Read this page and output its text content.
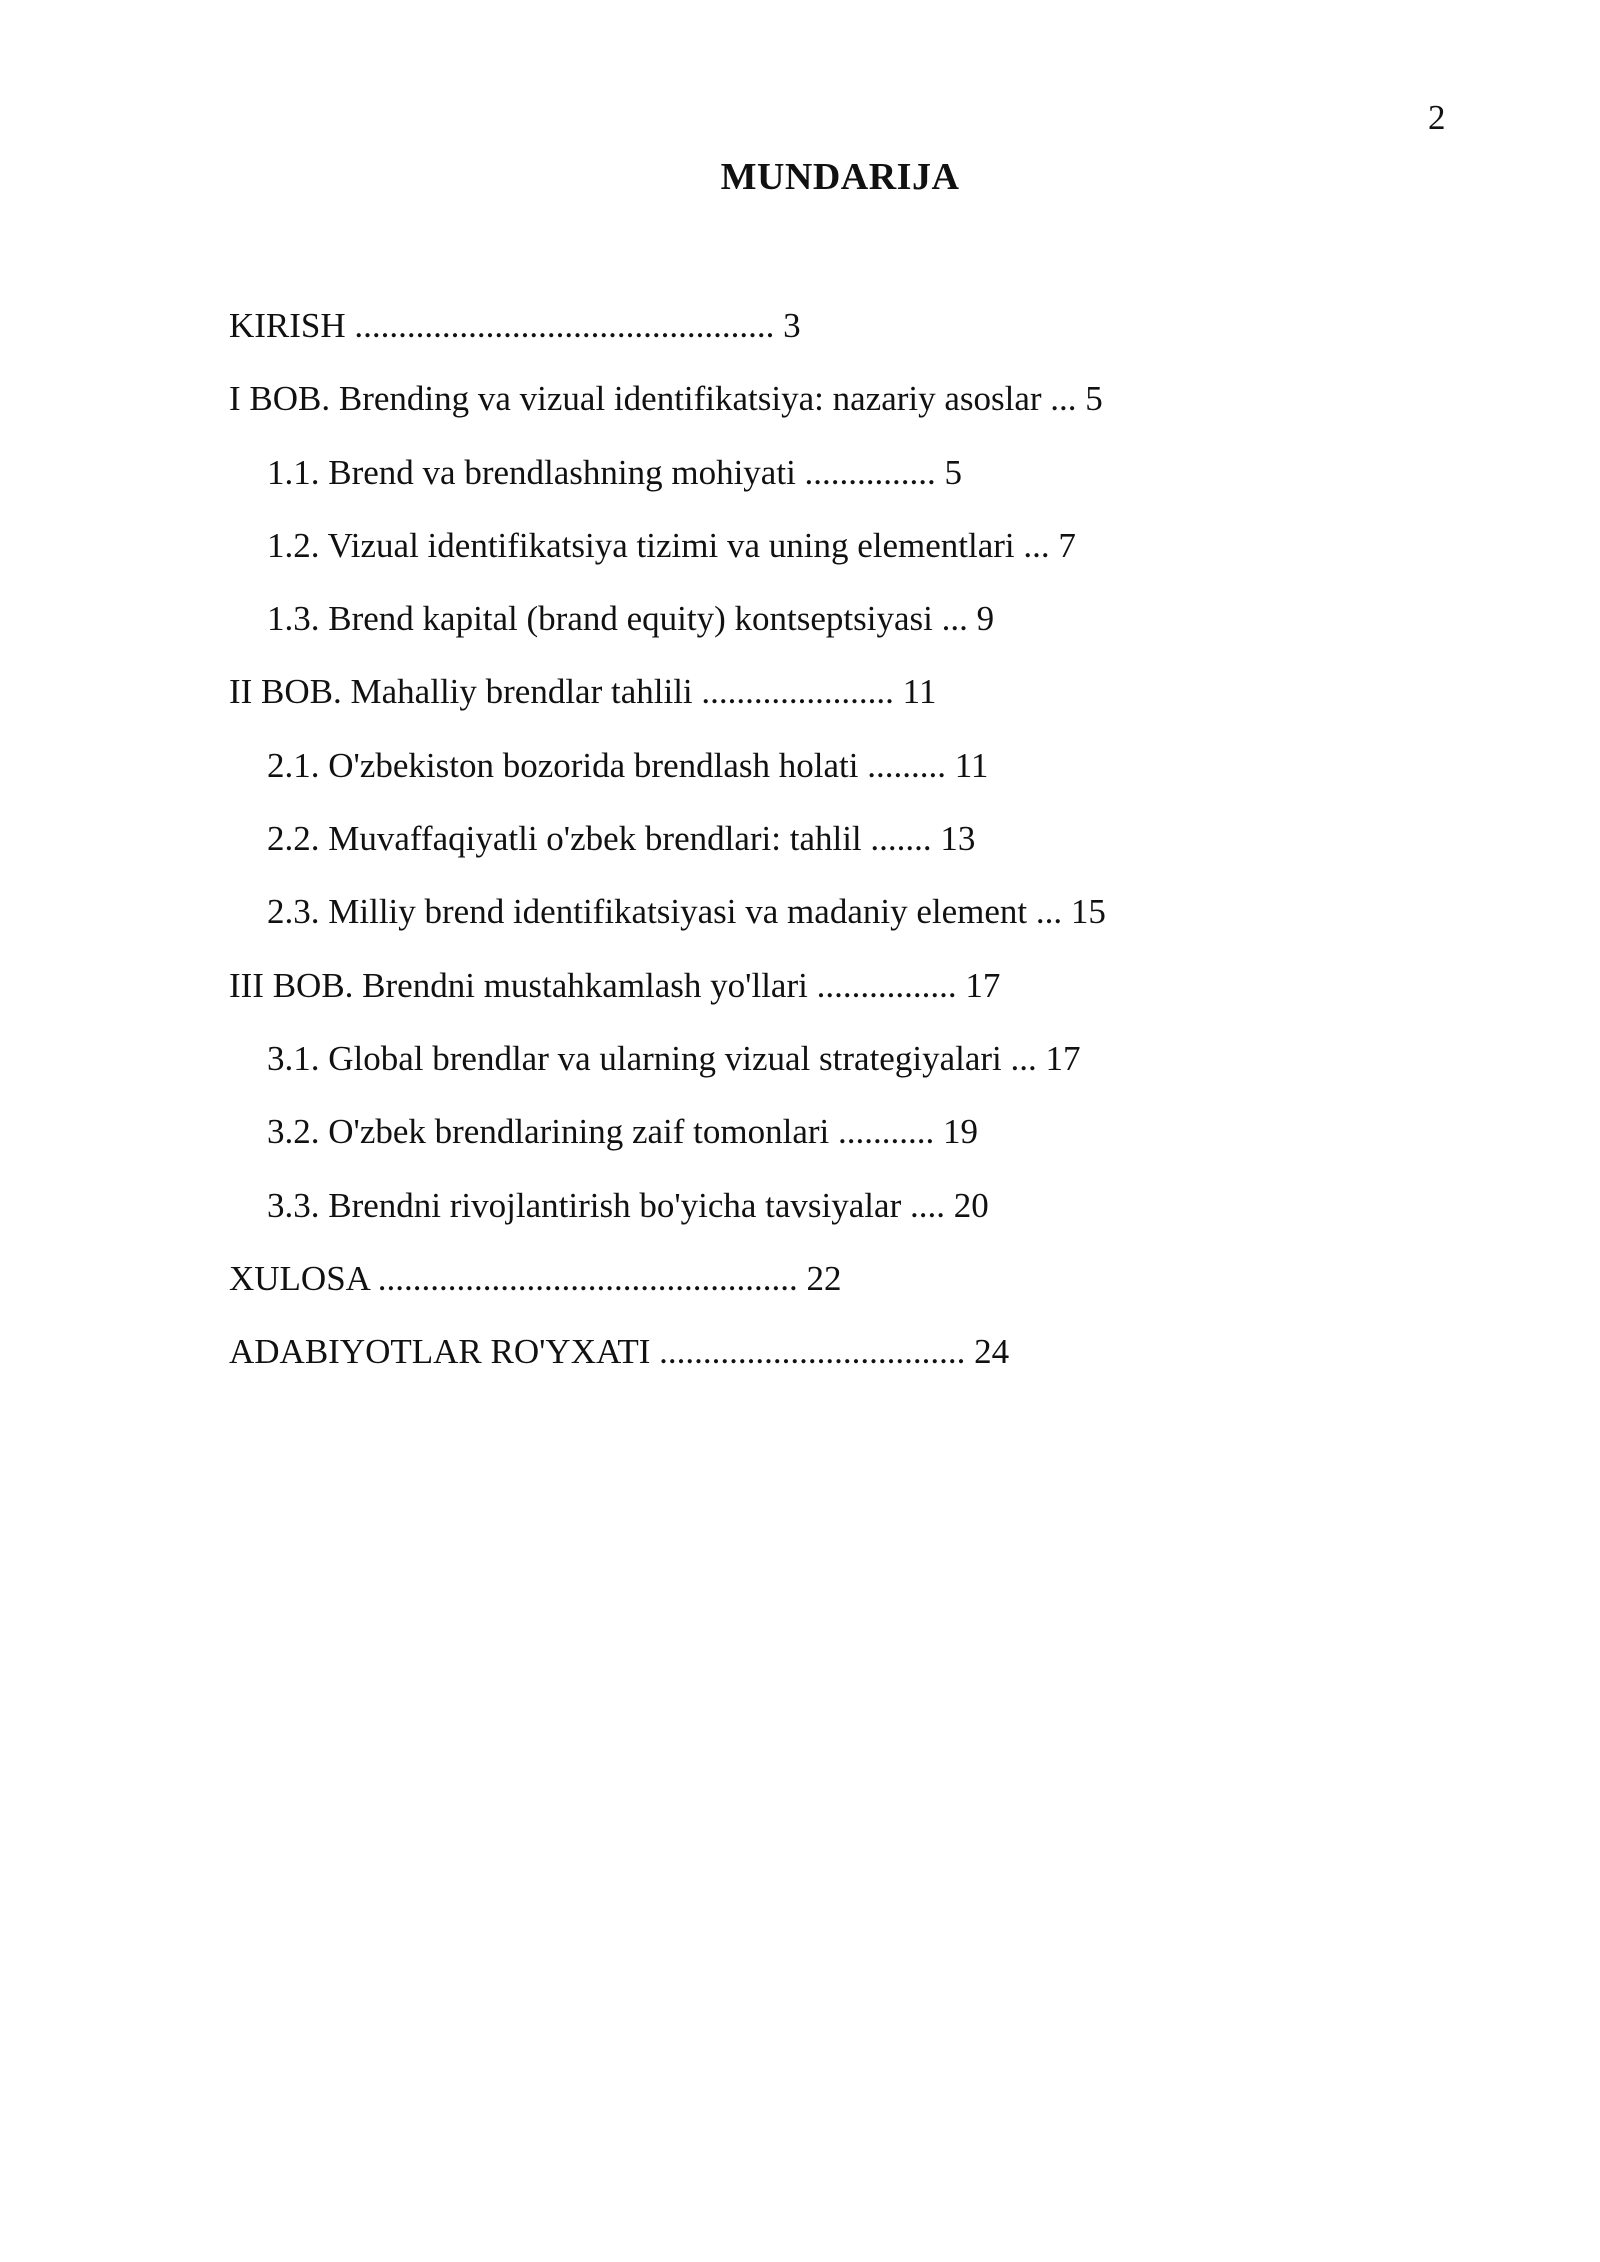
2
MUNDARIJA
KIRISH ................................................ 3
I BOB. Brending va vizual identifikatsiya: nazariy asoslar ... 5
1.1. Brend va brendlashning mohiyati ............... 5
1.2. Vizual identifikatsiya tizimi va uning elementlari ... 7
1.3. Brend kapital (brand equity) kontseptsiyasi ... 9
II BOB. Mahalliy brendlar tahlili ...................... 11
2.1. O'zbekiston bozorida brendlash holati ......... 11
2.2. Muvaffaqiyatli o'zbek brendlari: tahlil ....... 13
2.3. Milliy brend identifikatsiyasi va madaniy element ... 15
III BOB. Brendni mustahkamlash yo'llari ................ 17
3.1. Global brendlar va ularning vizual strategiyalari ... 17
3.2. O'zbek brendlarining zaif tomonlari ........... 19
3.3. Brendni rivojlantirish bo'yicha tavsiyalar .... 20
XULOSA ................................................ 22
ADABIYOTLAR RO'YXATI ................................... 24
